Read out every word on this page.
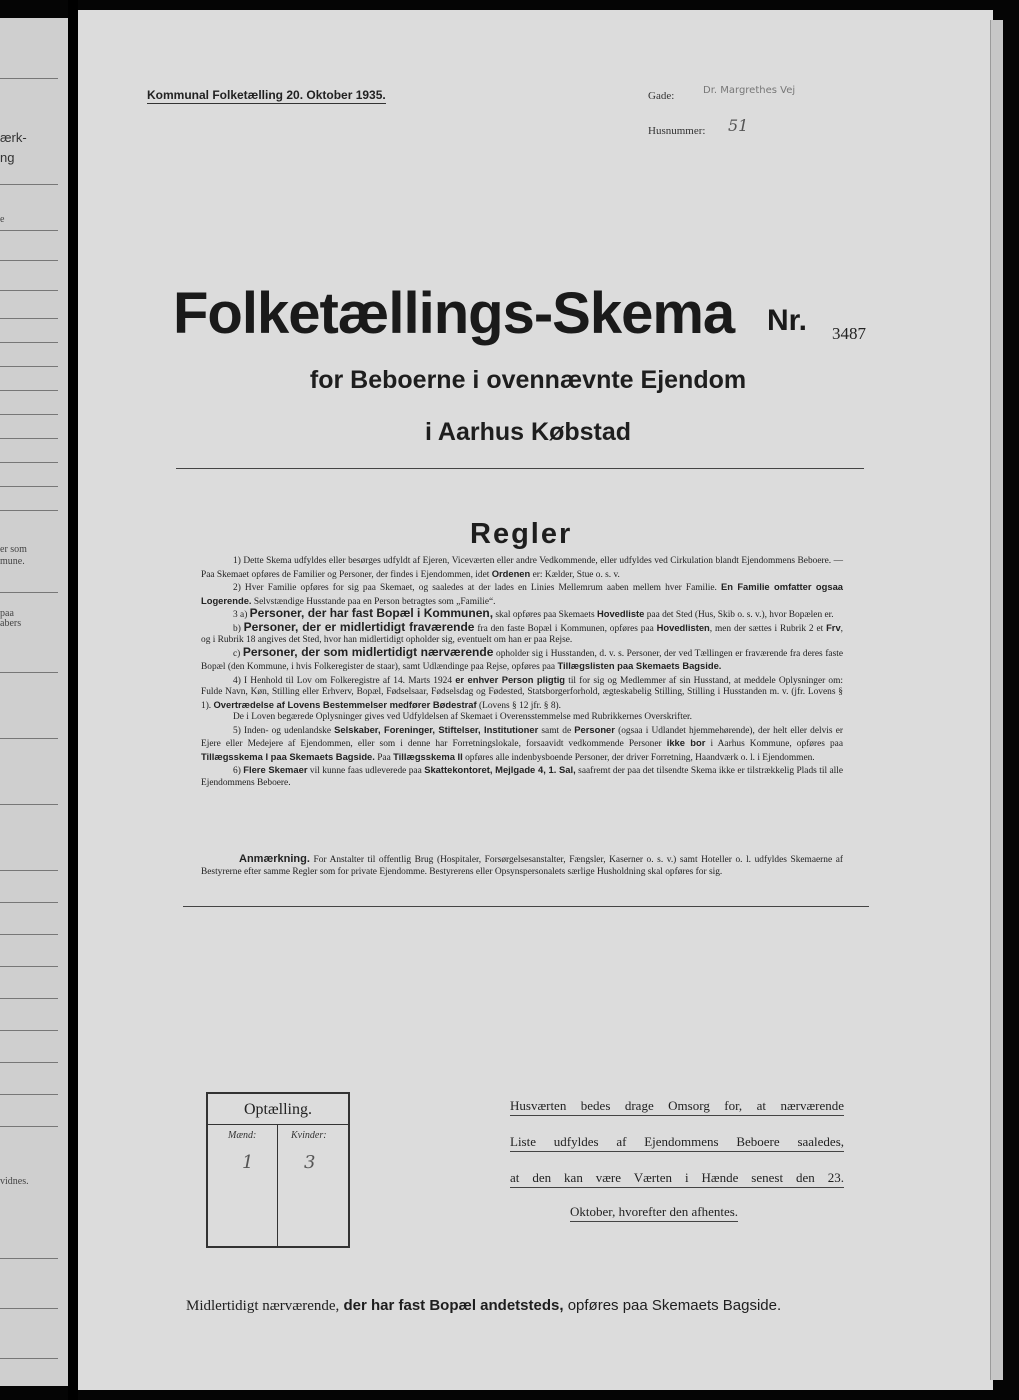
ærk-
ng
e
er som
mune.
paa
abers
vidnes.
Kommunal Folketælling 20. Oktober 1935.	Gade:	Dr. Margrethes Vej
Husnummer: 51
Folketællings-Skema Nr. 3487
for Beboerne i ovennævnte Ejendom
i Aarhus Købstad
Regler

1) Dette Skema udfyldes eller besørges udfyldt af Ejeren, Viceværten eller andre Vedkommende, eller udfyldes ved Cirkulation blandt Ejendommens Beboere. — Paa Skemaet opføres de Familier og Personer, der findes i Ejendommen, idet Ordenen er: Kælder, Stue o. s. v.

2) Hver Familie opføres for sig paa Skemaet, og saaledes at der lades en Linies Mellemrum aaben mellem hver Familie. En Familie omfatter ogsaa Logerende. Selvstændige Husstande paa en Person betragtes som „Familie“.

3 a) Personer, der har fast Bopæl i Kommunen, skal opføres paa Skemaets Hovedliste paa det Sted (Hus, Skib o. s. v.), hvor Bopælen er.

b) Personer, der er midlertidigt fraværende fra den faste Bopæl i Kommunen, opføres paa Hovedlisten, men der sættes i Rubrik 2 et Frv, og i Rubrik 18 angives det Sted, hvor han midlertidigt opholder sig, eventuelt om han er paa Rejse.

c) Personer, der som midlertidigt nærværende opholder sig i Husstanden, d. v. s. Personer, der ved Tællingen er fraværende fra deres faste Bopæl (den Kommune, i hvis Folkeregister de staar), samt Udlændinge paa Rejse, opføres paa Tillægslisten paa Skemaets Bagside.

4) I Henhold til Lov om Folkeregistre af 14. Marts 1924 er enhver Person pligtig til for sig og Medlemmer af sin Husstand, at meddele Oplysninger om: Fulde Navn, Køn, Stilling eller Erhverv, Bopæl, Fødselsaar, Fødselsdag og Fødested, Statsborgerforhold, ægteskabelig Stilling, Stilling i Husstanden m. v. (jfr. Lovens § 1). Overtrædelse af Lovens Bestemmelser medfører Bødestraf (Lovens § 12 jfr. § 8).

De i Loven begærede Oplysninger gives ved Udfyldelsen af Skemaet i Overensstemmelse med Rubrikkernes Overskrifter.

5) Inden- og udenlandske Selskaber, Foreninger, Stiftelser, Institutioner samt de Personer (ogsaa i Udlandet hjemmehørende), der helt eller delvis er Ejere eller Medejere af Ejendommen, eller som i denne har Forretningslokale, forsaavidt vedkommende Personer ikke bor i Aarhus Kommune, opføres paa Tillægsskema I paa Skemaets Bagside. Paa Tillægsskema II opføres alle indenbysboende Personer, der driver Forretning, Haandværk o. l. i Ejendommen.

6) Flere Skemaer vil kunne faas udleverede paa Skattekontoret, Mejlgade 4, 1. Sal, saafremt der paa det tilsendte Skema ikke er tilstrækkelig Plads til alle Ejendommens Beboere.

Anmærkning. For Anstalter til offentlig Brug (Hospitaler, Forsørgelsesanstalter, Fængsler, Kaserner o. s. v.) samt Hoteller o. l. udfyldes Skemaerne af Bestyrerne efter samme Regler som for private Ejendomme. Bestyrerens eller Opsynspersonalets særlige Husholdning skal opføres for sig.
Optælling.
Mænd:	Kvinder:
1	3
Husværten bedes drage Omsorg for, at nærværende
Liste udfyldes af Ejendommens Beboere saaledes,
at den kan være Værten i Hænde senest den 23.
Oktober, hvorefter den afhentes.
Midlertidigt nærværende, der har fast Bopæl andetsteds, opføres paa Skemaets Bagside.
